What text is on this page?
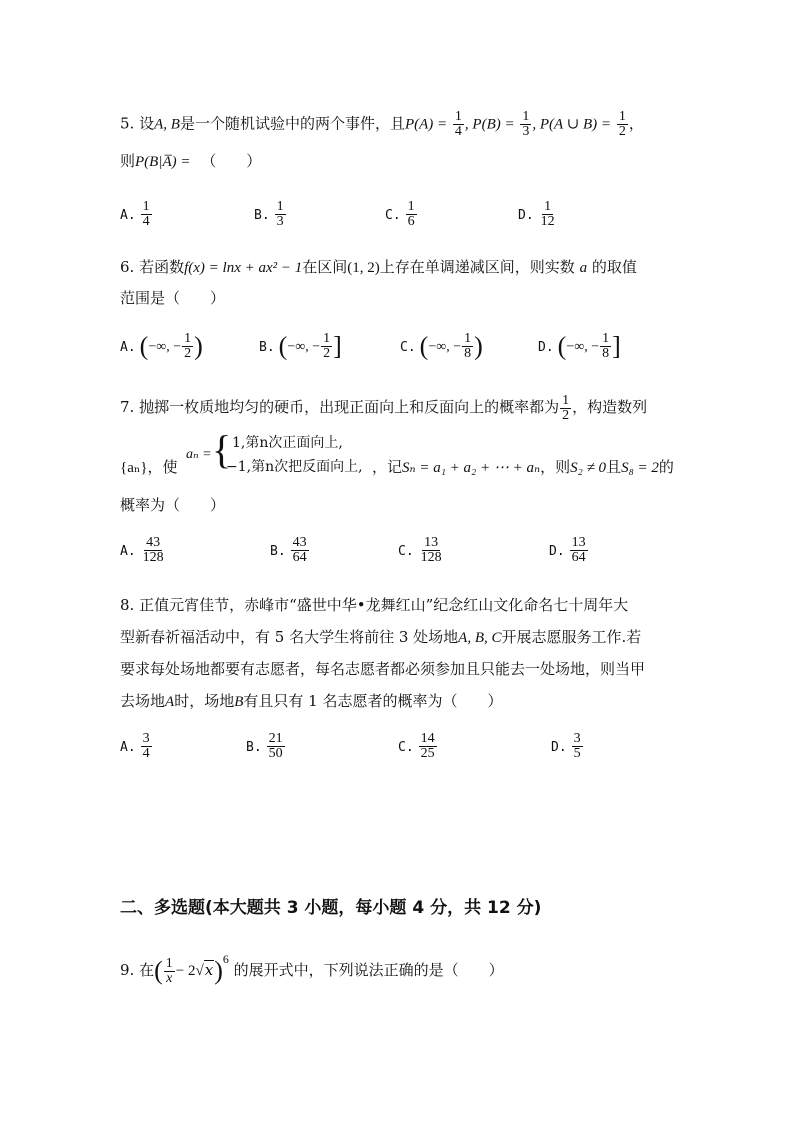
5. 设A, B是一个随机试验中的两个事件，且$P(A) = \frac{1}{4}$ , $P(B) = \frac{1}{3}$ , P(A ∪ $B) = \frac{1}{2}$ ，
则P(B|A̅) = （　　）
A. $\frac{1}{4}$	B. $\frac{1}{3}$	C. $\frac{1}{6}$	D. $\frac{1}{12}$
6. 若函数f(x) = lnx + ax² − 1在区间(1, 2)上存在单调递减区间，则实数 a 的取值
范围是（　　）
A. (−∞, − $\frac{1}{2}$ )	B. (−∞, − $\frac{1}{2}$ ]	C. (−∞, − $\frac{1}{8}$ )	D. (−∞, − $\frac{1}{8}$ ]
7. 抛掷一枚质地均匀的硬币，出现正面向上和反面向上的概率都为 $\frac{1}{2}$ ，构造数列
{aₙ}，使
aₙ = { 1,第n次正面向上,
−1,第n次把反面向上, ，记Sₙ = a₁ + a₂ + ⋯ + aₙ，则S₂ ≠ 0且S₈ = 2的
概率为（　　）
A. $\frac{43}{128}$	B. $\frac{43}{64}$	C. $\frac{13}{128}$	D. $\frac{13}{64}$
8. 正值元宵佳节，赤峰市“盛世中华•龙舞红山”纪念红山文化命名七十周年大
型新春祈福活动中，有 5 名大学生将前往 3 处场地A, B, C开展志愿服务工作.若
要求每处场地都要有志愿者，每名志愿者都必须参加且只能去一处场地，则当甲
去场地A时，场地B有且只有 1 名志愿者的概率为（　　）
A. $\frac{3}{4}$	B. $\frac{21}{50}$	C. $\frac{14}{25}$	D. $\frac{3}{5}$
二、多选题(本大题共 3 小题，每小题 4 分，共 12 分)
9. 在( $\frac{1}{x} - 2√x)^6$ 的展开式中，下列说法正确的是（　　）
